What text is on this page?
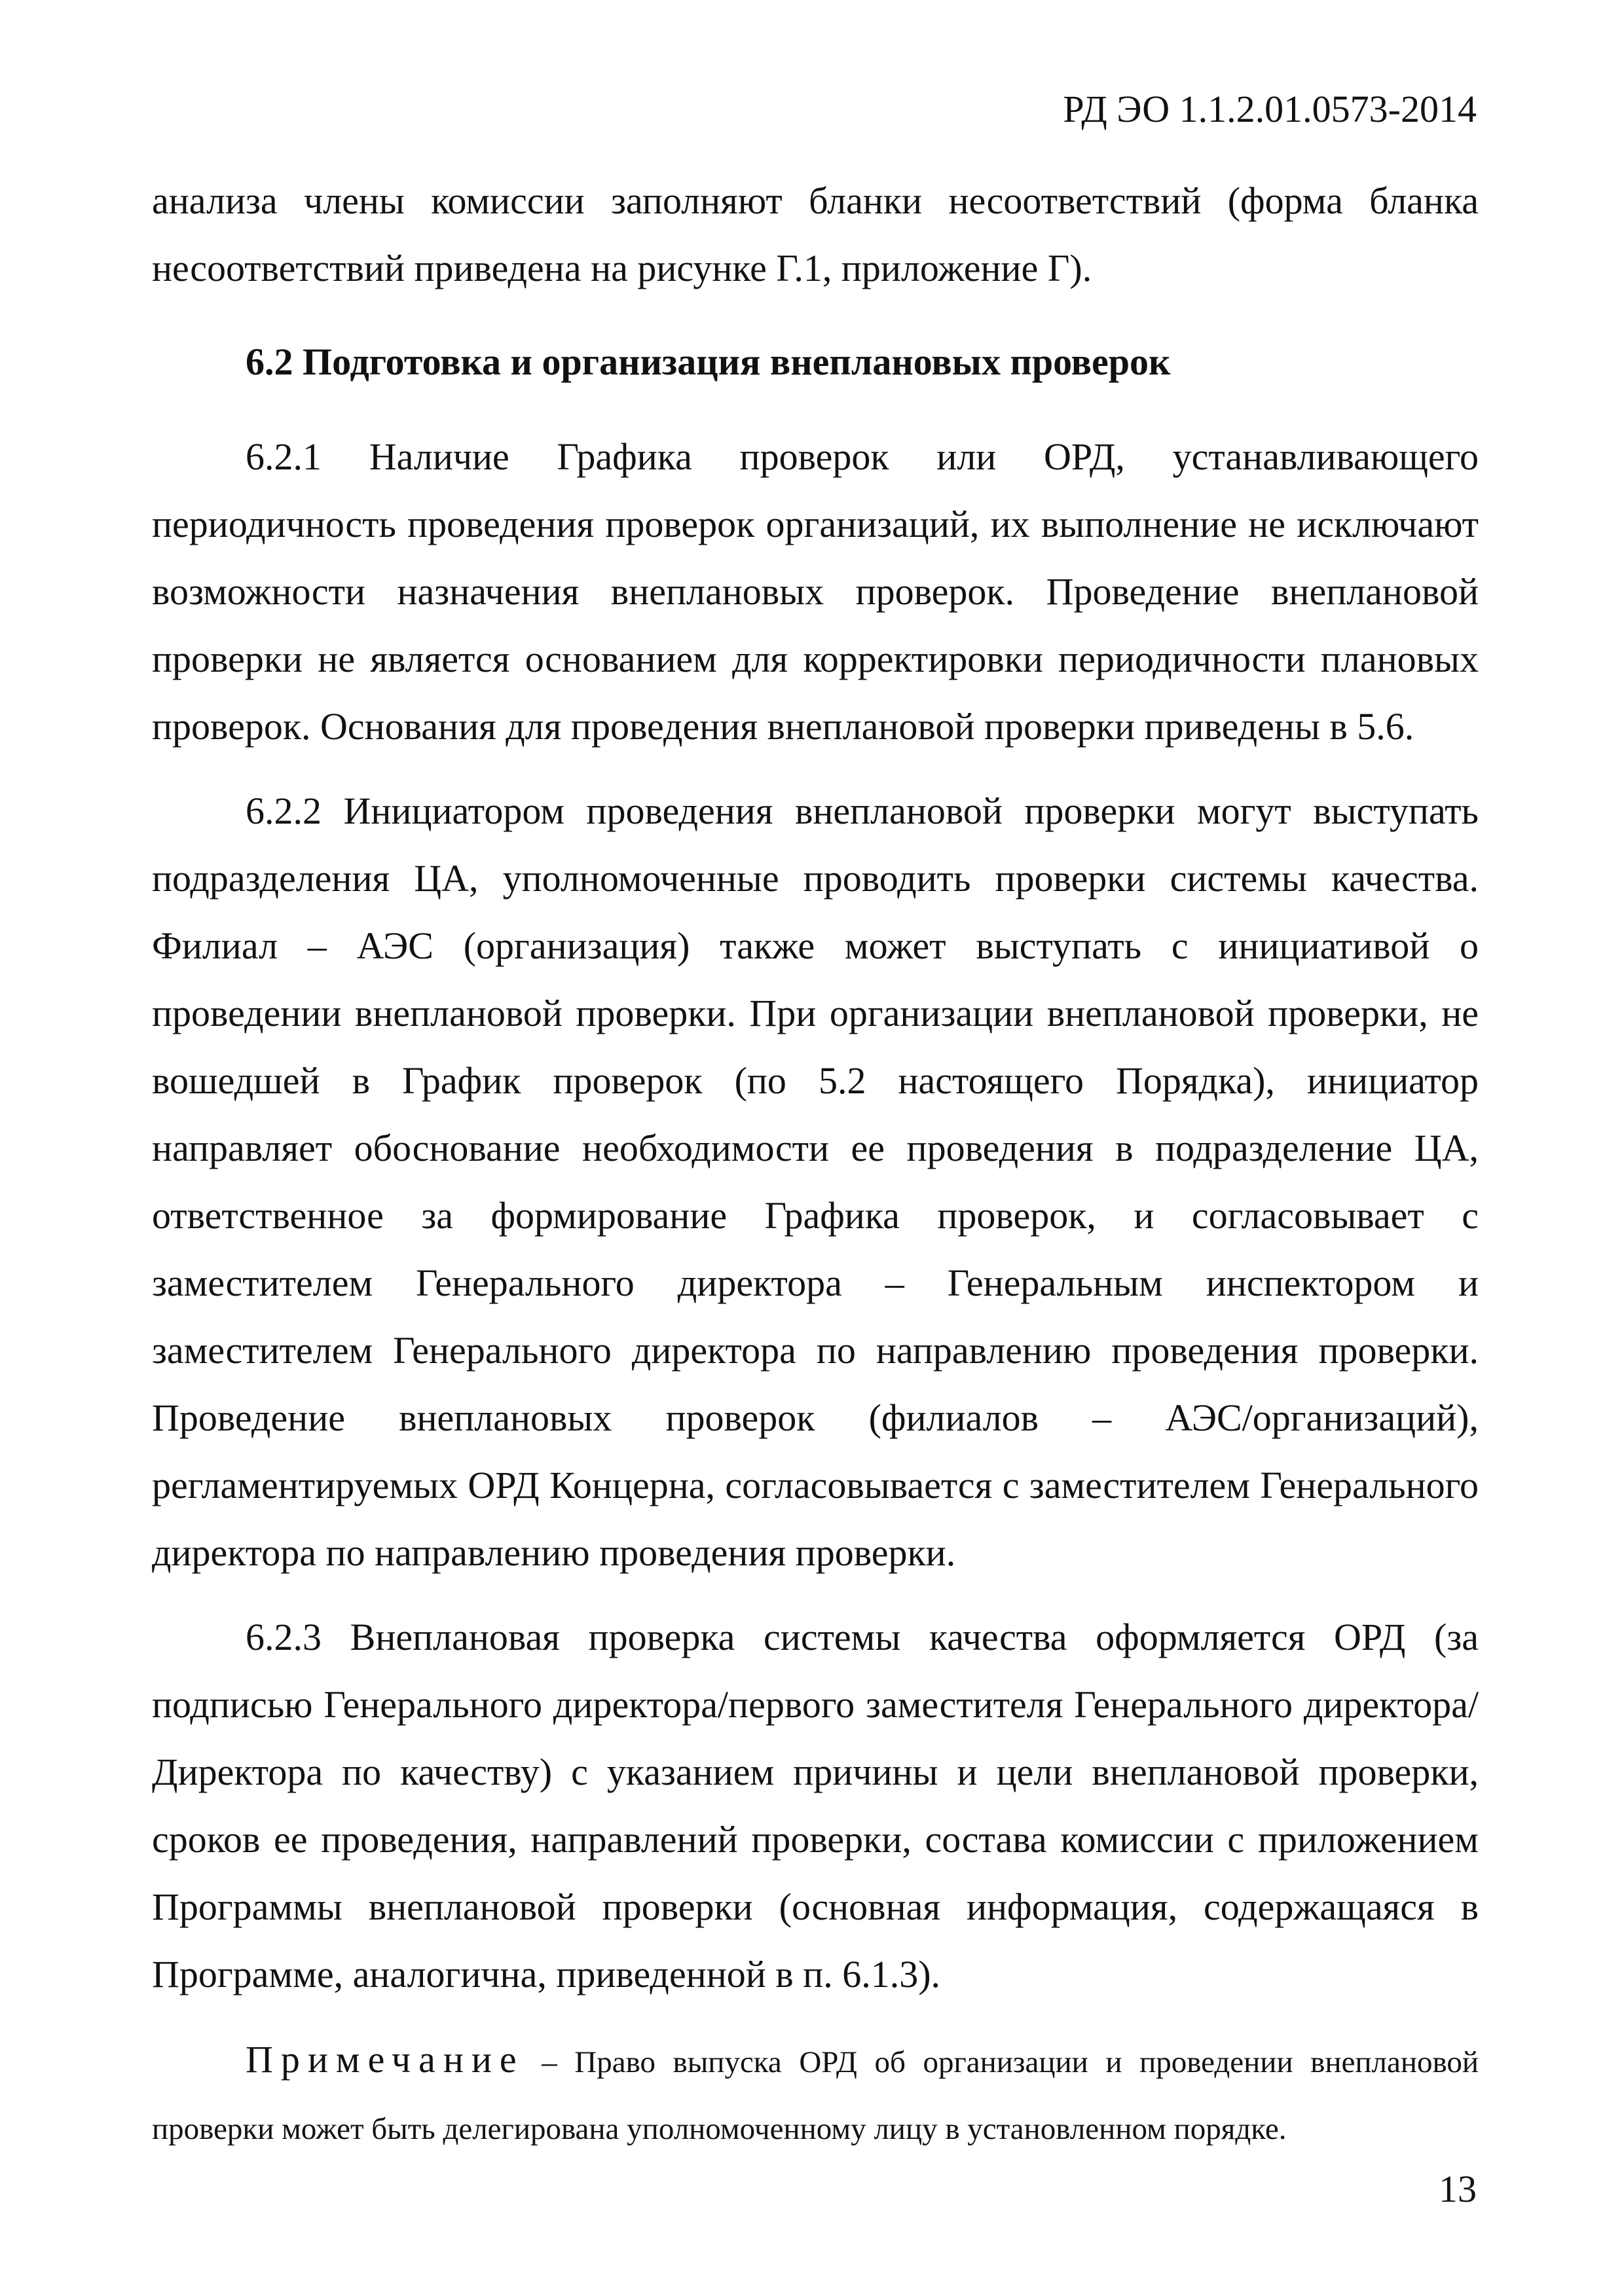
РД ЭО 1.1.2.01.0573-2014

анализа члены комиссии заполняют бланки несоответствий (форма бланка несоответствий приведена на рисунке Г.1, приложение Г).

6.2 Подготовка и организация внеплановых проверок

6.2.1 Наличие Графика проверок или ОРД, устанавливающего периодичность проведения проверок организаций, их выполнение не исключают возможности назначения внеплановых проверок. Проведение внеплановой проверки не является основанием для корректировки периодичности плановых проверок. Основания для проведения внеплановой проверки приведены в 5.6.

6.2.2 Инициатором проведения внеплановой проверки могут выступать подразделения ЦА, уполномоченные проводить проверки системы качества. Филиал – АЭС (организация) также может выступать с инициативой о проведении внеплановой проверки. При организации внеплановой проверки, не вошедшей в График проверок (по 5.2 настоящего Порядка), инициатор направляет обоснование необходимости ее проведения в подразделение ЦА, ответственное за формирование Графика проверок, и согласовывает с заместителем Генерального директора – Генеральным инспектором и заместителем Генерального директора по направлению проведения проверки. Проведение внеплановых проверок (филиалов – АЭС/организаций), регламентируемых ОРД Концерна, согласовывается с заместителем Генерального директора по направлению проведения проверки.

6.2.3 Внеплановая проверка системы качества оформляется ОРД (за подписью Генерального директора/первого заместителя Генерального директора/Директора по качеству) с указанием причины и цели внеплановой проверки, сроков ее проведения, направлений проверки, состава комиссии с приложением Программы внеплановой проверки (основная информация, содержащаяся в Программе, аналогична, приведенной в п. 6.1.3).

Примечание – Право выпуска ОРД об организации и проведении внеплановой проверки может быть делегирована уполномоченному лицу в установленном порядке.

13
